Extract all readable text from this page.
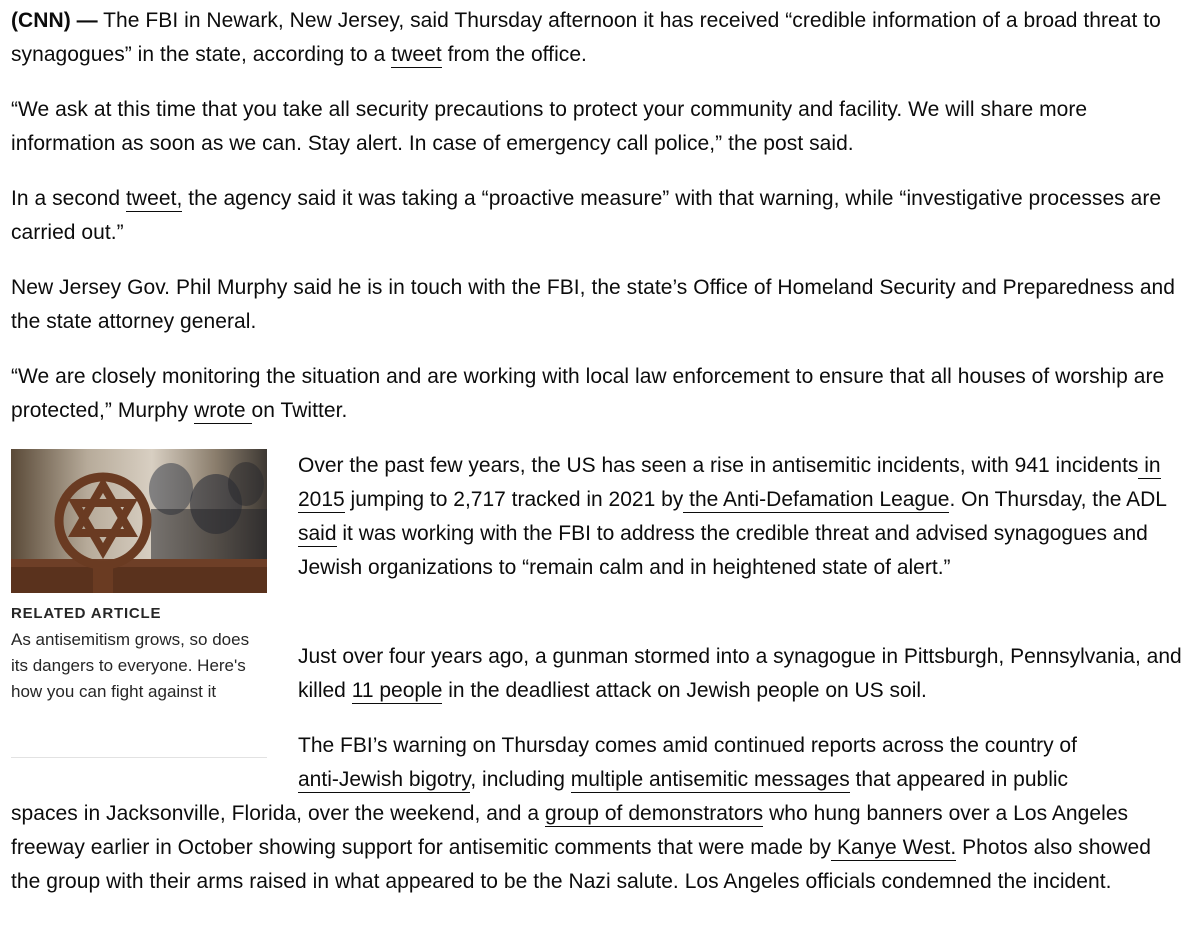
(CNN) — The FBI in Newark, New Jersey, said Thursday afternoon it has received “credible information of a broad threat to synagogues” in the state, according to a tweet from the office.

“We ask at this time that you take all security precautions to protect your community and facility. We will share more information as soon as we can. Stay alert. In case of emergency call police,” the post said.

In a second tweet, the agency said it was taking a “proactive measure” with that warning, while “investigative processes are carried out.”

New Jersey Gov. Phil Murphy said he is in touch with the FBI, the state’s Office of Homeland Security and Preparedness and the state attorney general.

“We are closely monitoring the situation and are working with local law enforcement to ensure that all houses of worship are protected,” Murphy wrote on Twitter.

RELATED ARTICLE
As antisemitism grows, so does its dangers to everyone. Here's how you can fight against it

Over the past few years, the US has seen a rise in antisemitic incidents, with 941 incidents in 2015 jumping to 2,717 tracked in 2021 by the Anti-Defamation League. On Thursday, the ADL said it was working with the FBI to address the credible threat and advised synagogues and Jewish organizations to “remain calm and in heightened state of alert.”

Just over four years ago, a gunman stormed into a synagogue in Pittsburgh, Pennsylvania, and killed 11 people in the deadliest attack on Jewish people on US soil.

The FBI’s warning on Thursday comes amid continued reports across the country of

anti-Jewish bigotry, including multiple antisemitic messages that appeared in public

spaces in Jacksonville, Florida, over the weekend, and a group of demonstrators who hung banners over a Los Angeles freeway earlier in October showing support for antisemitic comments that were made by Kanye West. Photos also showed the group with their arms raised in what appeared to be the Nazi salute. Los Angeles officials condemned the incident.
